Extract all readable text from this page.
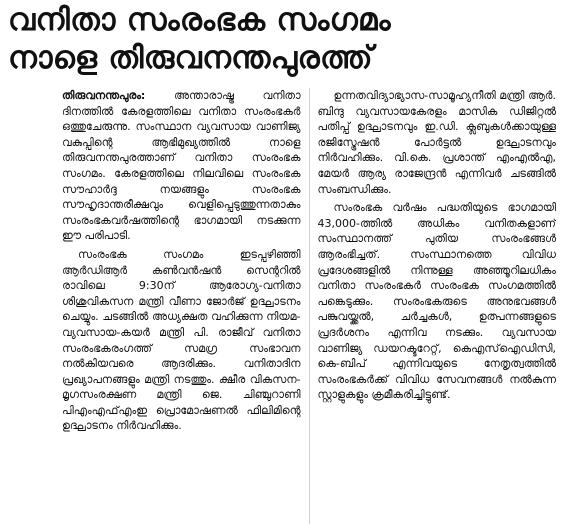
വനിതാ സംരംഭക സംഗമം
നാളെ തിരുവനന്തപുരത്ത്

തിരുവനന്തപുരം:	അന്താരാഷ്ട്ര വനിതാ ദിനത്തിൽ കേരളത്തിലെ വനിതാ സംരംഭകർ ഒത്തുചേരുന്നു. സംസ്ഥാന വ്യവസായ വാണിജ്യ വകുപ്പിന്റെ ആഭിമുഖ്യത്തിൽ നാളെ തിരുവനന്തപുരത്താണ് വനിതാ സംരംഭക സംഗമം. കേരളത്തിലെ നിലവിലെ സംരംഭക സൗഹാർദ്ദ നയങ്ങളും സംരംഭക സൗഹൃദാന്തരീക്ഷവും വെളിപ്പെടുത്തുന്നതാകും സംരംഭകവർഷത്തിന്റെ ഭാഗമായി നടക്കുന്ന ഈ പരിപാടി.

സംരംഭക സംഗമം ഇടപ്പഴിഞ്ഞി ആർഡിആർ കൺവൻഷൻ സെന്ററിൽ രാവിലെ 9:30ന് ആരോഗ്യ-വനിതാ ശിശുവികസന മന്ത്രി വീണാ ജോർജ് ഉദ്ഘാടനം ചെയ്യും. ചടങ്ങിൽ അധ്യക്ഷത വഹിക്കുന്ന നിയമ-വ്യവസായ-കയർ മന്ത്രി പി. രാജീവ് വനിതാ സംരംഭകരംഗത്ത് സമഗ്ര സംഭാവന നൽകിയവരെ ആദരിക്കും. വനിതാദിന പ്രഖ്യാപനങ്ങളും മന്ത്രി നടത്തും. ക്ഷീര വികസന-മൃഗസംരക്ഷണ മന്ത്രി ജെ. ചിഞ്ചുറാണി പിഎംഎഫ്എംഇ പ്രൊമോഷണൽ ഫിലിമിന്റെ ഉദ്ഘാടനം നിർവഹിക്കും.

ഉന്നതവിദ്യാഭ്യാസ-സാമൂഹ്യനീതി മന്ത്രി ആർ. ബിന്ദു വ്യവസായകേരളം മാസിക ഡിജിറ്റൽ പതിപ്പ് ഉദ്ഘാടനവും ഇ.ഡി. ക്ലബുകൾക്കായുള്ള രജിസ്ട്രേഷൻ പോർട്ടൽ ഉദ്ഘാടനവും നിർവഹിക്കും. വി.കെ. പ്രശാന്ത് എംഎൽഎ, മേയർ ആര്യ രാജേന്ദ്രൻ എന്നിവർ ചടങ്ങിൽ സംബന്ധിക്കും.

സംരംഭക വർഷം പദ്ധതിയുടെ ഭാഗമായി 43,000-ത്തിൽ അധികം വനിതകളാണ് സംസ്ഥാനത്ത് പുതിയ സംരംഭങ്ങൾ ആരംഭിച്ചത്. സംസ്ഥാനത്തെ വിവിധ പ്രദേശങ്ങളിൽ നിന്നുള്ള അഞ്ഞൂറിലധികം വനിതാ സംരംഭകർ സംരംഭക സംഗമത്തിൽ പങ്കെടുക്കും. സംരംഭകരുടെ അനുഭവങ്ങൾ പങ്കുവയ്ക്കൽ, ചർച്ചകൾ, ഉത്പന്നങ്ങളുടെ പ്രദർശനം എന്നിവ നടക്കും. വ്യവസായ വാണിജ്യ ഡയറക്ടറേറ്റ്, കെഎസ്ഐഡിസി, കെ-ബിപ് എന്നിവയുടെ നേതൃത്വത്തിൽ സംരംഭകർക്ക് വിവിധ സേവനങ്ങൾ നൽകുന്ന സ്റ്റാളുകളും ക്രമീകരിച്ചിട്ടുണ്ട്.
